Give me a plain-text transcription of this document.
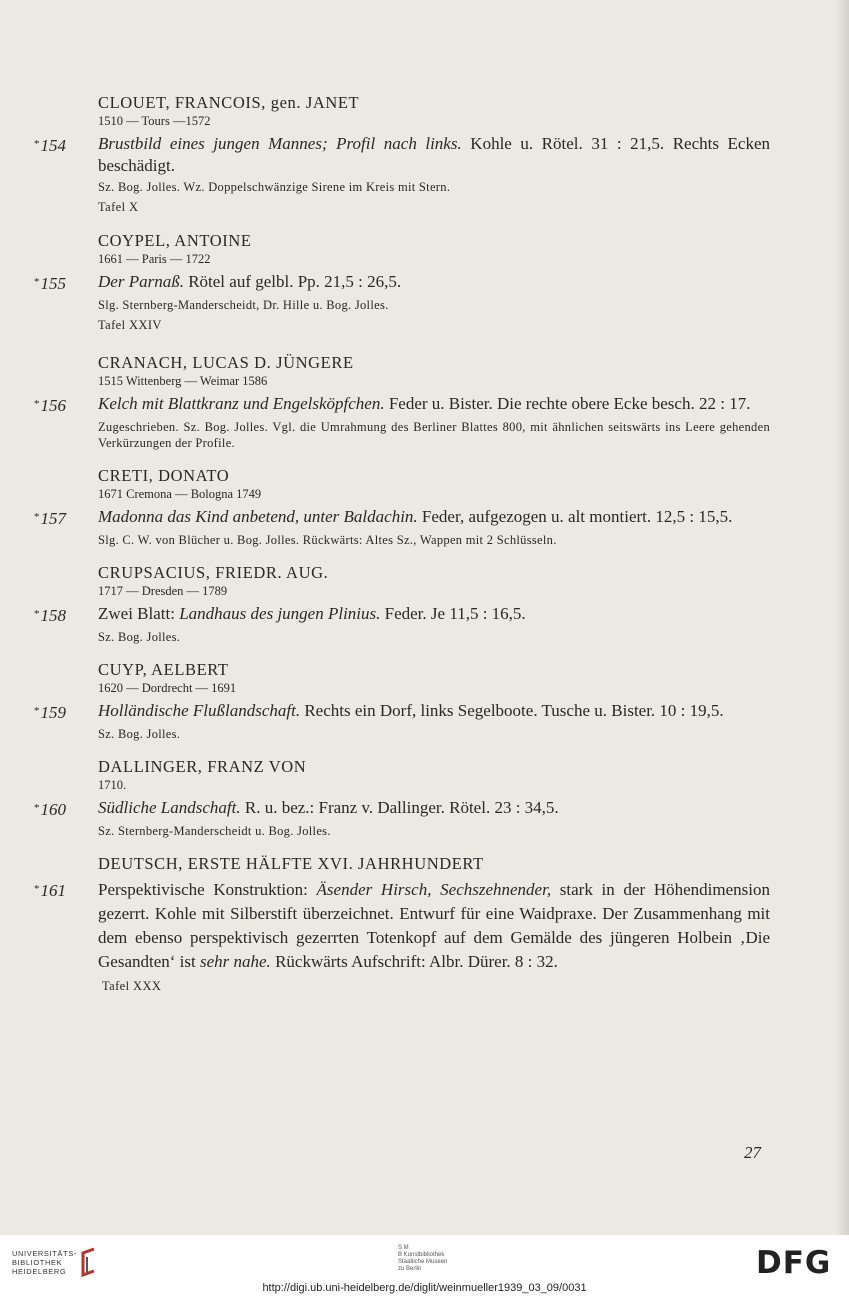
CLOUET, FRANCOIS, gen. JANET
1510 — Tours —1572
*154	Brustbild eines jungen Mannes; Profil nach links. Kohle u. Rötel. 31 : 21,5. Rechts Ecken beschädigt.
Sz. Bog. Jolles. Wz. Doppelschwänzige Sirene im Kreis mit Stern.
Tafel X
COYPEL, ANTOINE
1661 — Paris — 1722
*155	Der Parnaß. Rötel auf gelbl. Pp. 21,5 : 26,5.
Slg. Sternberg-Manderscheidt, Dr. Hille u. Bog. Jolles.
Tafel XXIV
CRANACH, LUCAS D. JÜNGERE
1515 Wittenberg — Weimar 1586
*156	Kelch mit Blattkranz und Engelsköpfchen. Feder u. Bister. Die rechte obere Ecke besch. 22 : 17.
Zugeschrieben. Sz. Bog. Jolles. Vgl. die Umrahmung des Berliner Blattes 800, mit ähnlichen seitswärts ins Leere gehenden Verkürzungen der Profile.
CRETI, DONATO
1671 Cremona — Bologna 1749
*157	Madonna das Kind anbetend, unter Baldachin. Feder, aufgezogen u. alt montiert. 12,5 : 15,5.
Slg. C. W. von Blücher u. Bog. Jolles. Rückwärts: Altes Sz., Wappen mit 2 Schlüsseln.
CRUPSACIUS, FRIEDR. AUG.
1717 — Dresden — 1789
*158	Zwei Blatt: Landhaus des jungen Plinius. Feder. Je 11,5 : 16,5.
Sz. Bog. Jolles.
CUYP, AELBERT
1620 — Dordrecht — 1691
*159	Holländische Flußlandschaft. Rechts ein Dorf, links Segelboote. Tusche u. Bister. 10 : 19,5.
Sz. Bog. Jolles.
DALLINGER, FRANZ VON
1710.
*160	Südliche Landschaft. R. u. bez.: Franz v. Dallinger. Rötel. 23 : 34,5.
Sz. Sternberg-Manderscheidt u. Bog. Jolles.
DEUTSCH, ERSTE HÄLFTE XVI. JAHRHUNDERT
*161	Perspektivische Konstruktion: Äsender Hirsch, Sechszehnender, stark in der Höhendimension gezerrt. Kohle mit Silberstift überzeichnet. Entwurf für eine Waidpraxe. Der Zusammenhang mit dem ebenso perspektivisch gezerrten Totenkopf auf dem Gemälde des jüngeren Holbein ‚Die Gesandten‘ ist sehr nahe. Rückwärts Aufschrift: Albr. Dürer. 8 : 32.
Tafel XXX
27
UNIVERSITÄTS-
BIBLIOTHEK
HEIDELBERG
S M
B Kunstbibliothek
Staatliche Museen
zu Berlin	DFG
http://digi.ub.uni-heidelberg.de/diglit/weinmueller1939_03_09/0031
